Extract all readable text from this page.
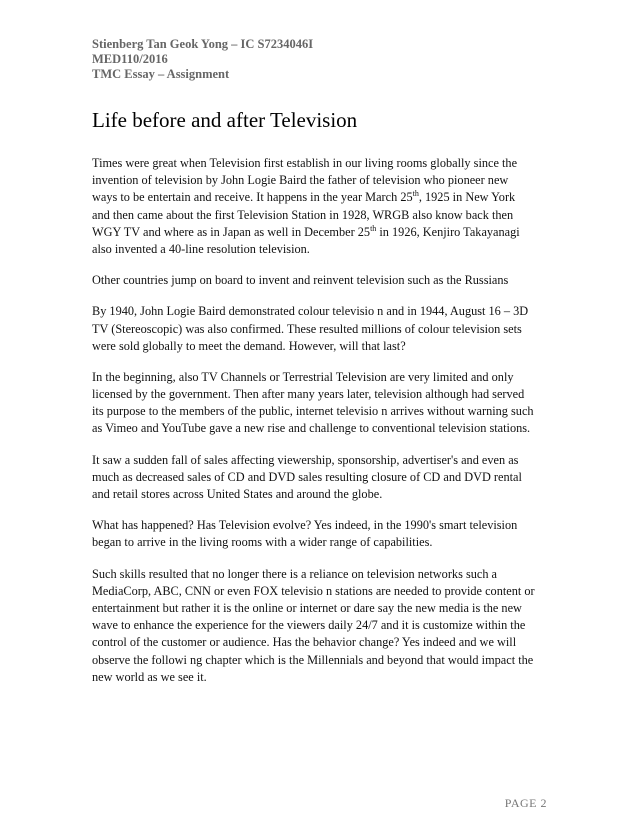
Stienberg Tan Geok Yong – IC S7234046I
MED110/2016
TMC Essay – Assignment
Life before and after Television
Times were great when Television first establish in our living rooms globally since the
invention of television by John Logie Baird the father of television who pioneer new
ways to be entertain and receive. It happens in the year March 25th, 1925 in New York
and then came about the first Television Station in 1928, WRGB also know back then
WGY TV and where as in Japan as well in December 25th in 1926, Kenjiro Takayanagi
also invented a 40-line resolution television.
Other countries jump on board to invent and reinvent television such as the Russians
By 1940, John Logie Baird demonstrated colour televisio n and in 1944, August 16 – 3D
TV (Stereoscopic) was also confirmed. These resulted millions of colour television sets
were sold globally to meet the demand. However, will that last?
In the beginning, also TV Channels or Terrestrial Television are very limited and only
licensed by the government. Then after many years later, television although had served
its purpose to the members of the public, internet televisio n arrives without warning such
as Vimeo and YouTube gave a new rise and challenge to conventional television stations.
It saw a sudden fall of sales affecting viewership, sponsorship, advertiser's and even as
much as decreased sales of CD and DVD sales resulting closure of CD and DVD rental
and retail stores across United States and around the globe.
What has happened? Has Television evolve? Yes indeed, in the 1990's smart television
began to arrive in the living rooms with a wider range of capabilities.
Such skills resulted that no longer there is a reliance on television networks such a
MediaCorp, ABC, CNN or even FOX televisio n stations are needed to provide content or
entertainment but rather it is the online or internet or dare say the new media is the new
wave to enhance the experience for the viewers daily 24/7 and it is customize within the
control of the customer or audience. Has the behavior change? Yes indeed and we will
observe the followi ng chapter which is the Millennials and beyond that would impact the
new world as we see it.
PAGE 2
